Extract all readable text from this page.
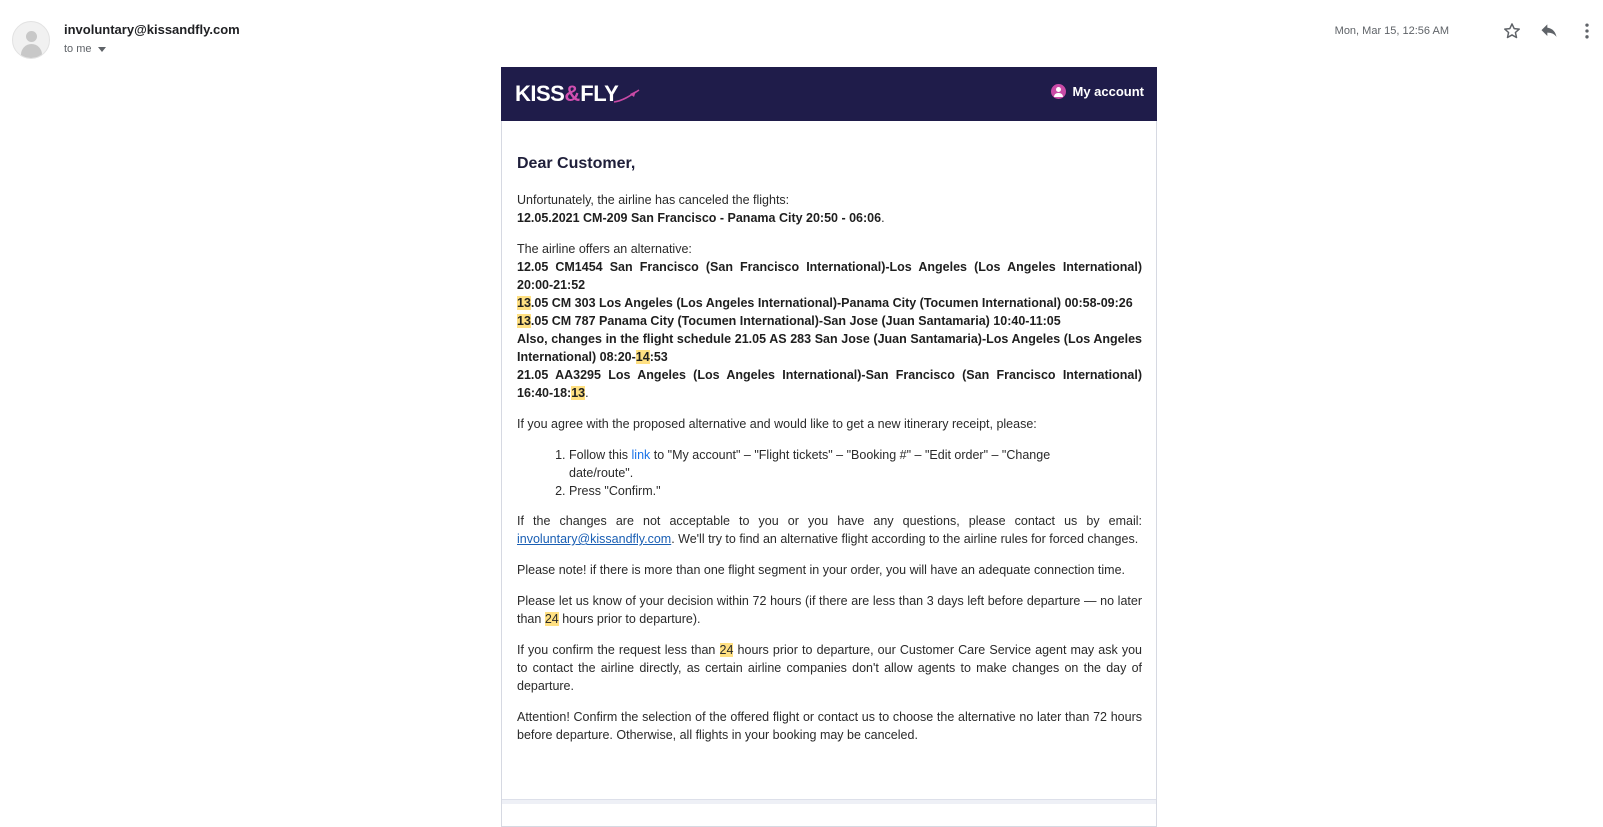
involuntary@kissandfly.com
to me
Mon, Mar 15, 12:56 AM
KISS & FLY	My account
Dear Customer,

Unfortunately, the airline has canceled the flights:
12.05.2021 CM-209 San Francisco - Panama City 20:50 - 06:06.

The airline offers an alternative:
12.05 CM1454 San Francisco (San Francisco International)-Los Angeles (Los Angeles International) 20:00-21:52
13.05 CM 303 Los Angeles (Los Angeles International)-Panama City (Tocumen International) 00:58-09:26
13.05 CM 787 Panama City (Tocumen International)-San Jose (Juan Santamaria) 10:40-11:05
Also, changes in the flight schedule 21.05 AS 283 San Jose (Juan Santamaria)-Los Angeles (Los Angeles International) 08:20-14:53
21.05 AA3295 Los Angeles (Los Angeles International)-San Francisco (San Francisco International) 16:40-18:13.

If you agree with the proposed alternative and would like to get a new itinerary receipt, please:

1. Follow this link to "My account" – "Flight tickets" – "Booking #" – "Edit order" – "Change date/route".
2. Press "Confirm."

If the changes are not acceptable to you or you have any questions, please contact us by email: involuntary@kissandfly.com. We'll try to find an alternative flight according to the airline rules for forced changes.

Please note! if there is more than one flight segment in your order, you will have an adequate connection time.

Please let us know of your decision within 72 hours (if there are less than 3 days left before departure — no later than 24 hours prior to departure).

If you confirm the request less than 24 hours prior to departure, our Customer Care Service agent may ask you to contact the airline directly, as certain airline companies don't allow agents to make changes on the day of departure.

Attention! Confirm the selection of the offered flight or contact us to choose the alternative no later than 72 hours before departure. Otherwise, all flights in your booking may be canceled.
